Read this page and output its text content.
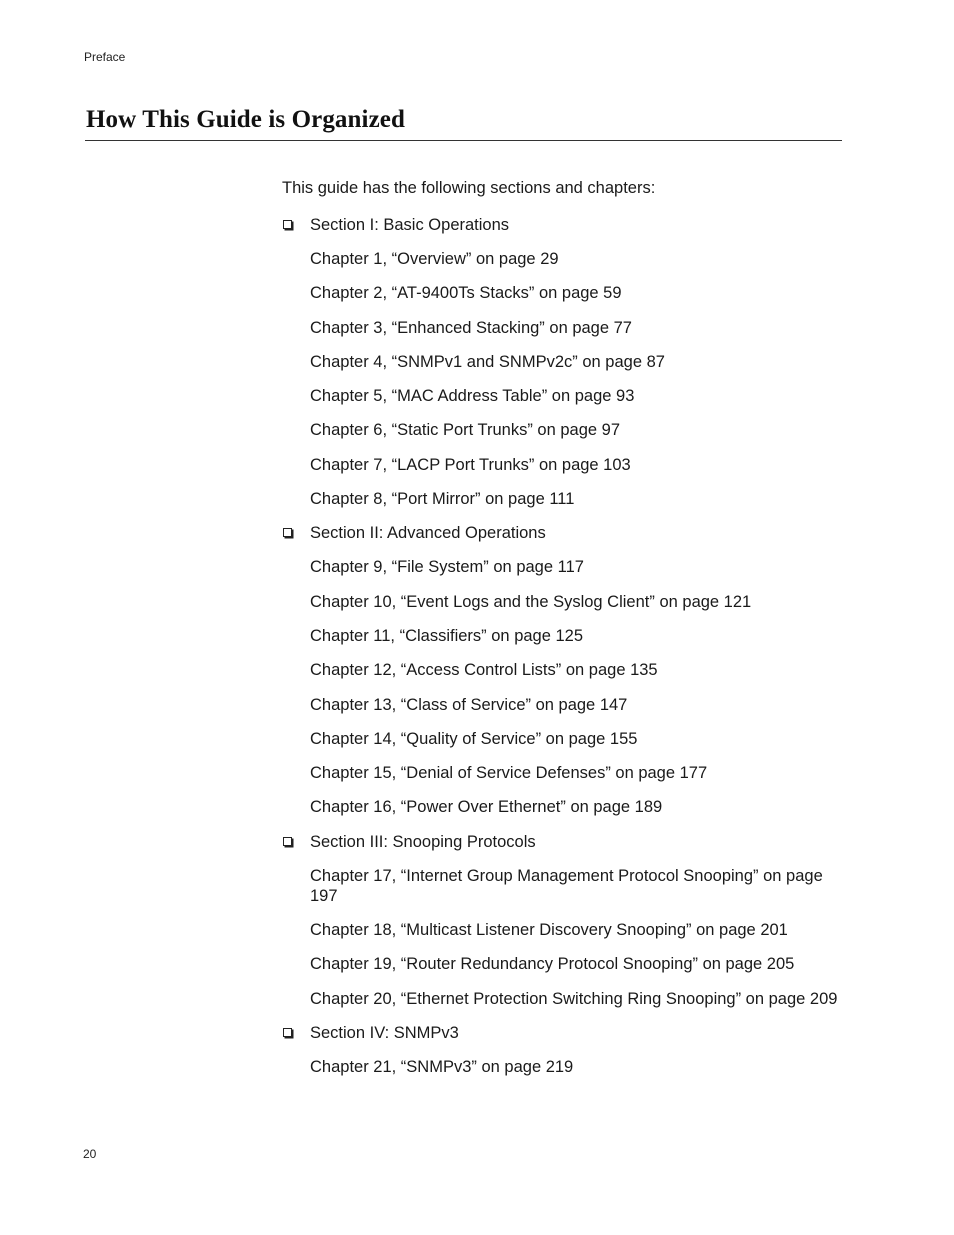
Preface
How This Guide is Organized

This guide has the following sections and chapters:

Section I: Basic Operations
Chapter 1, “Overview” on page 29
Chapter 2, “AT-9400Ts Stacks” on page 59
Chapter 3, “Enhanced Stacking” on page 77
Chapter 4, “SNMPv1 and SNMPv2c” on page 87
Chapter 5, “MAC Address Table” on page 93
Chapter 6, “Static Port Trunks” on page 97
Chapter 7, “LACP Port Trunks” on page 103
Chapter 8, “Port Mirror” on page 111
Section II: Advanced Operations
Chapter 9, “File System” on page 117
Chapter 10, “Event Logs and the Syslog Client” on page 121
Chapter 11, “Classifiers” on page 125
Chapter 12, “Access Control Lists” on page 135
Chapter 13, “Class of Service” on page 147
Chapter 14, “Quality of Service” on page 155
Chapter 15, “Denial of Service Defenses” on page 177
Chapter 16, “Power Over Ethernet” on page 189
Section III: Snooping Protocols
Chapter 17, “Internet Group Management Protocol Snooping” on page 197
Chapter 18, “Multicast Listener Discovery Snooping” on page 201
Chapter 19, “Router Redundancy Protocol Snooping” on page 205
Chapter 20, “Ethernet Protection Switching Ring Snooping” on page 209
Section IV: SNMPv3
Chapter 21, “SNMPv3” on page 219
20
